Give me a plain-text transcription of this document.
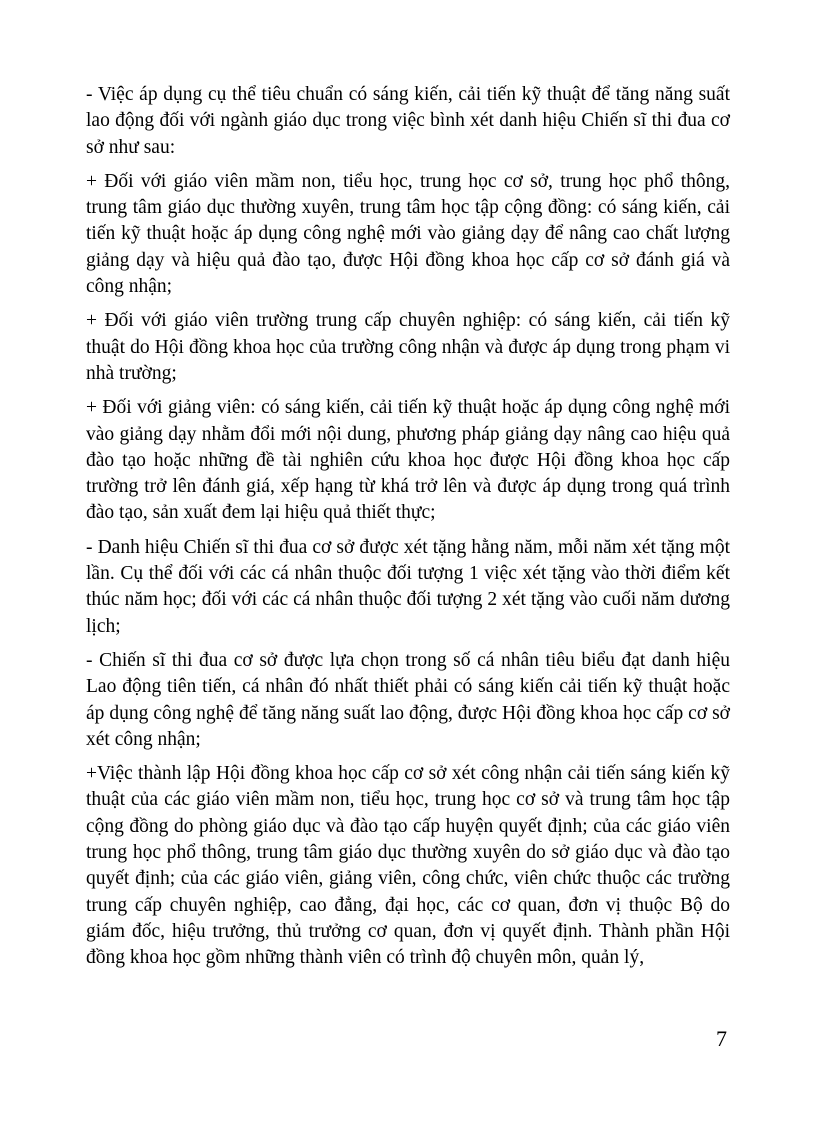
- Việc áp dụng cụ thể tiêu chuẩn có sáng kiến, cải tiến kỹ thuật để tăng năng suất lao động đối với ngành giáo dục trong việc bình xét danh hiệu Chiến sĩ thi đua cơ sở như sau:

+ Đối với giáo viên mầm non, tiểu học, trung học cơ sở, trung học phổ thông, trung tâm giáo dục thường xuyên, trung tâm học tập cộng đồng: có sáng kiến, cải tiến kỹ thuật hoặc áp dụng công nghệ mới vào giảng dạy để nâng cao chất lượng giảng dạy và hiệu quả đào tạo, được Hội đồng khoa học cấp cơ sở đánh giá và công nhận;

+ Đối với giáo viên trường trung cấp chuyên nghiệp: có sáng kiến, cải tiến kỹ thuật do Hội đồng khoa học của trường công nhận và được áp dụng trong phạm vi nhà trường;

+ Đối với giảng viên: có sáng kiến, cải tiến kỹ thuật hoặc áp dụng công nghệ mới vào giảng dạy nhằm đổi mới nội dung, phương pháp giảng dạy nâng cao hiệu quả đào tạo hoặc những đề tài nghiên cứu khoa học được Hội đồng khoa học cấp trường trở lên đánh giá, xếp hạng từ khá trở lên và được áp dụng trong quá trình đào tạo, sản xuất đem lại hiệu quả thiết thực;

- Danh hiệu Chiến sĩ thi đua cơ sở được xét tặng hằng năm, mỗi năm xét tặng một lần. Cụ thể đối với các cá nhân thuộc đối tượng 1 việc xét tặng vào thời điểm kết thúc năm học; đối với các cá nhân thuộc đối tượng 2 xét tặng vào cuối năm dương lịch;

- Chiến sĩ thi đua cơ sở được lựa chọn trong số cá nhân tiêu biểu đạt danh hiệu Lao động tiên tiến, cá nhân đó nhất thiết phải có sáng kiến cải tiến kỹ thuật hoặc áp dụng công nghệ để tăng năng suất lao động, được Hội đồng khoa học cấp cơ sở xét công nhận;

+Việc thành lập Hội đồng khoa học cấp cơ sở xét công nhận cải tiến sáng kiến kỹ thuật của các giáo viên mầm non, tiểu học, trung học cơ sở và trung tâm học tập cộng đồng do phòng giáo dục và đào tạo cấp huyện quyết định; của các giáo viên trung học phổ thông, trung tâm giáo dục thường xuyên do sở giáo dục và đào tạo quyết định; của các giáo viên, giảng viên, công chức, viên chức thuộc các trường trung cấp chuyên nghiệp, cao đẳng, đại học, các cơ quan, đơn vị thuộc Bộ do giám đốc, hiệu trưởng, thủ trưởng cơ quan, đơn vị quyết định. Thành phần Hội đồng khoa học gồm những thành viên có trình độ chuyên môn, quản lý,

7
